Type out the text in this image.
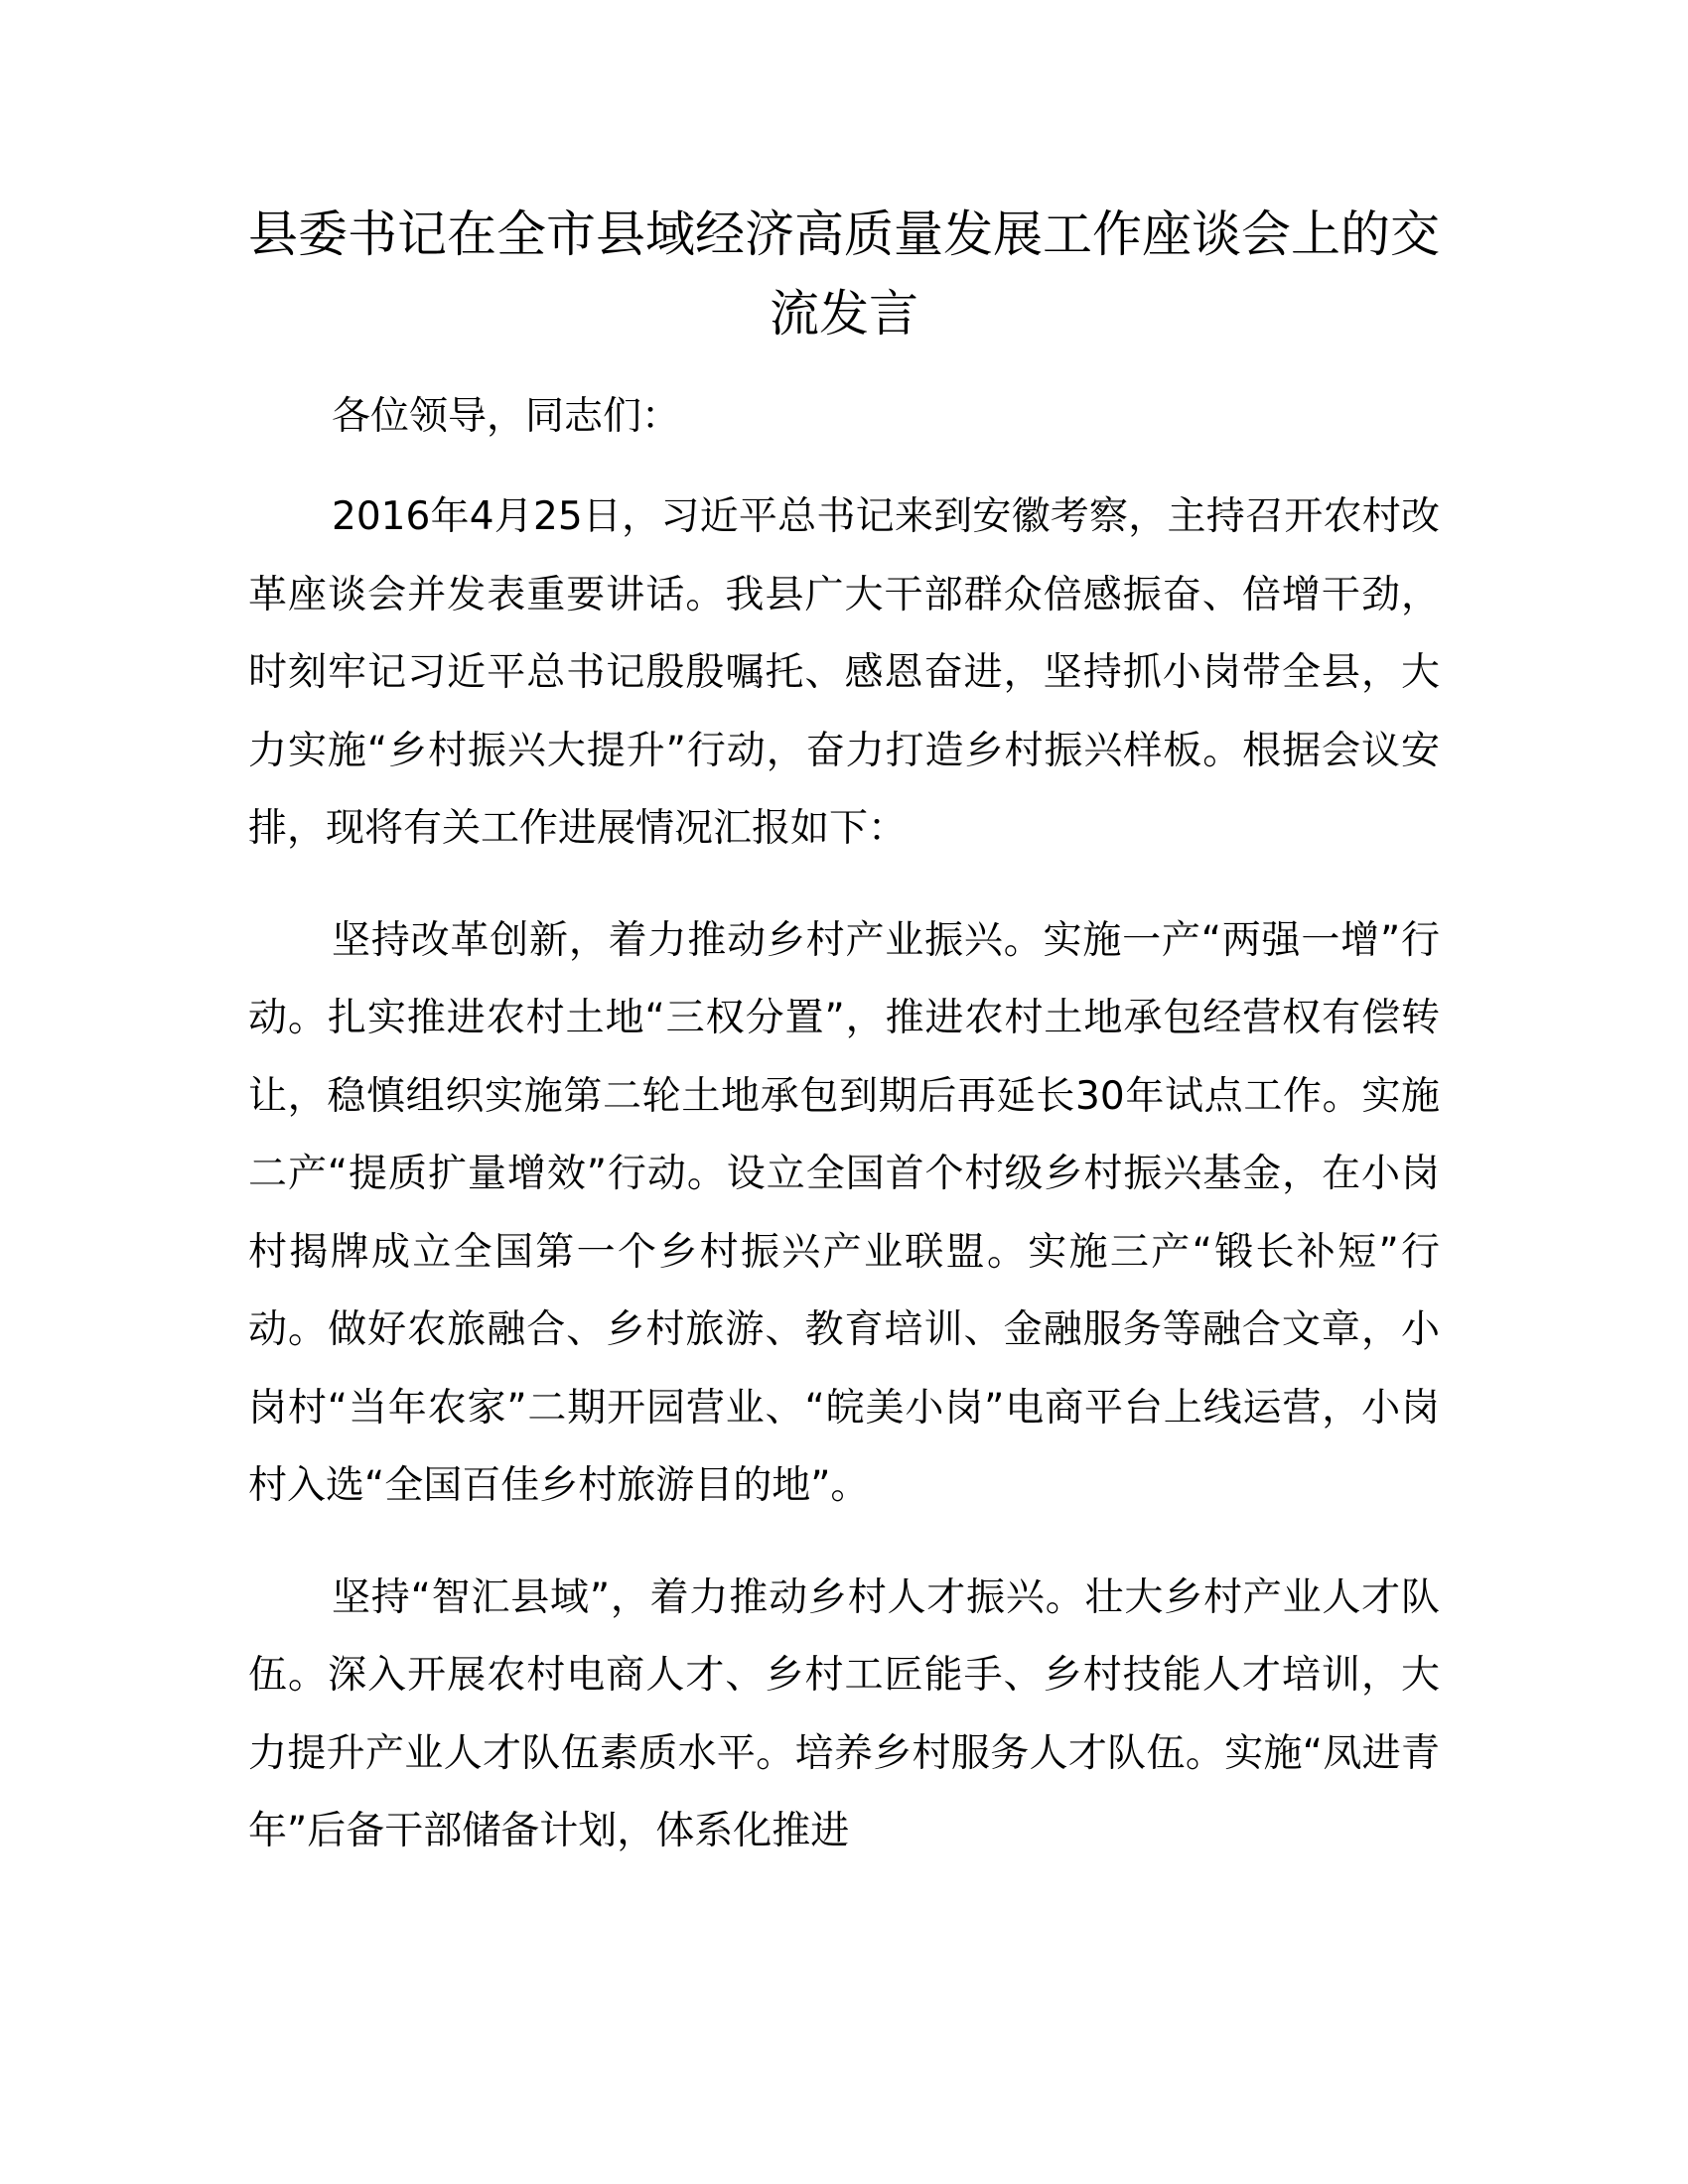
县委书记在全市县域经济高质量发展工作座谈会上的交流发言

各位领导，同志们：

2016年4月25日，习近平总书记来到安徽考察，主持召开农村改革座谈会并发表重要讲话。我县广大干部群众倍感振奋、倍增干劲，时刻牢记习近平总书记殷殷嘱托、感恩奋进，坚持抓小岗带全县，大力实施“乡村振兴大提升”行动，奋力打造乡村振兴样板。根据会议安排，现将有关工作进展情况汇报如下：

坚持改革创新，着力推动乡村产业振兴。实施一产“两强一增”行动。扎实推进农村土地“三权分置”，推进农村土地承包经营权有偿转让，稳慎组织实施第二轮土地承包到期后再延长30年试点工作。实施二产“提质扩量增效”行动。设立全国首个村级乡村振兴基金，在小岗村揭牌成立全国第一个乡村振兴产业联盟。实施三产“锻长补短”行动。做好农旅融合、乡村旅游、教育培训、金融服务等融合文章，小岗村“当年农家”二期开园营业、“皖美小岗”电商平台上线运营，小岗村入选“全国百佳乡村旅游目的地”。

坚持“智汇县域”，着力推动乡村人才振兴。壮大乡村产业人才队伍。深入开展农村电商人才、乡村工匠能手、乡村技能人才培训，大力提升产业人才队伍素质水平。培养乡村服务人才队伍。实施“凤进青年”后备干部储备计划，体系化推进
